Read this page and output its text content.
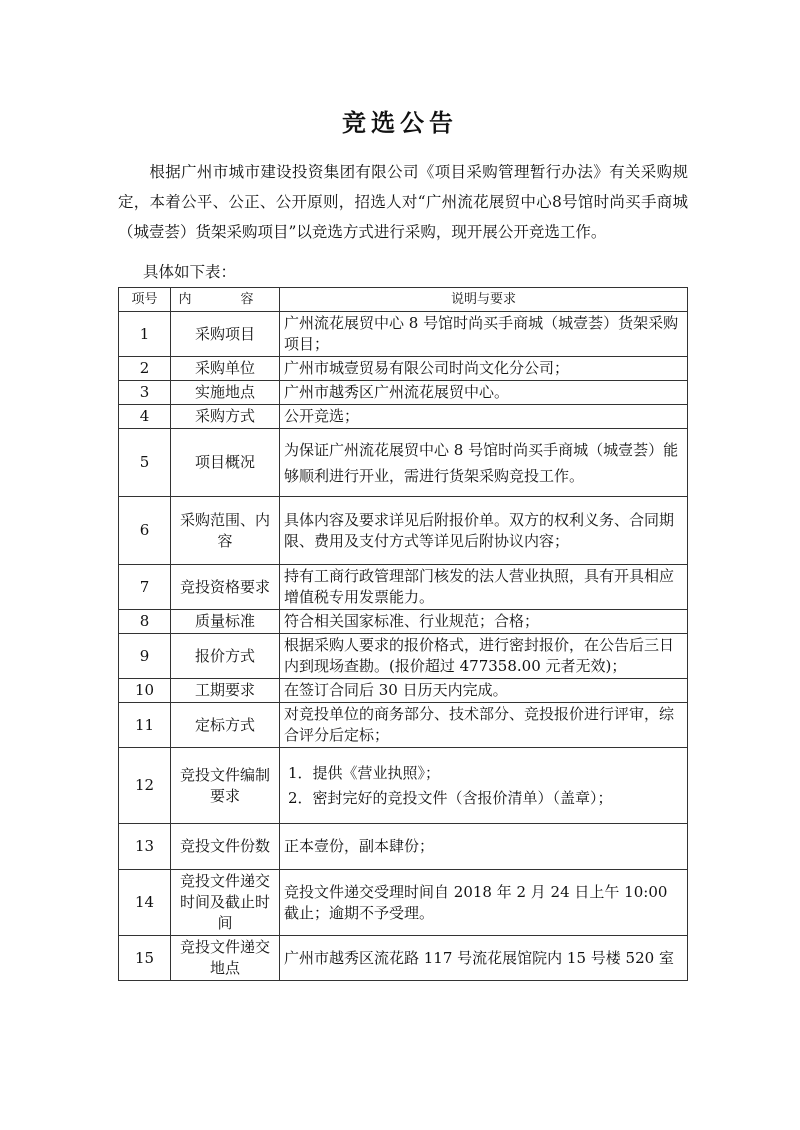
竞选公告
根据广州市城市建设投资集团有限公司《项目采购管理暂行办法》有关采购规定，本着公平、公正、公开原则，招选人对“广州流花展贸中心8号馆时尚买手商城（城壹荟）货架采购项目”以竞选方式进行采购，现开展公开竞选工作。
具体如下表：
项号	内　容	说明与要求
1	采购项目	广州流花展贸中心 8 号馆时尚买手商城（城壹荟）货架采购项目；
2	采购单位	广州市城壹贸易有限公司时尚文化分公司；
3	实施地点	广州市越秀区广州流花展贸中心。
4	采购方式	公开竞选；
5	项目概况	为保证广州流花展贸中心 8 号馆时尚买手商城（城壹荟）能够顺利进行开业，需进行货架采购竞投工作。
6	采购范围、内容	具体内容及要求详见后附报价单。双方的权利义务、合同期限、费用及支付方式等详见后附协议内容；
7	竞投资格要求	持有工商行政管理部门核发的法人营业执照，具有开具相应增值税专用发票能力。
8	质量标准	符合相关国家标准、行业规范；合格；
9	报价方式	根据采购人要求的报价格式，进行密封报价，在公告后三日内到现场查勘。(报价超过 477358.00 元者无效)；
10	工期要求	在签订合同后 30 日历天内完成。
11	定标方式	对竞投单位的商务部分、技术部分、竞投报价进行评审，综合评分后定标；
12	竞投文件编制要求	1．提供《营业执照》；
2．密封完好的竞投文件（含报价清单）（盖章）；

13	竞投文件份数	正本壹份，副本肆份；
14	竞投文件递交时间及截止时间	竞投文件递交受理时间自 2018 年 2 月 24 日上午 10:00 截止；逾期不予受理。
15	竞投文件递交地点	广州市越秀区流花路 117 号流花展馆院内 15 号楼 520 室
